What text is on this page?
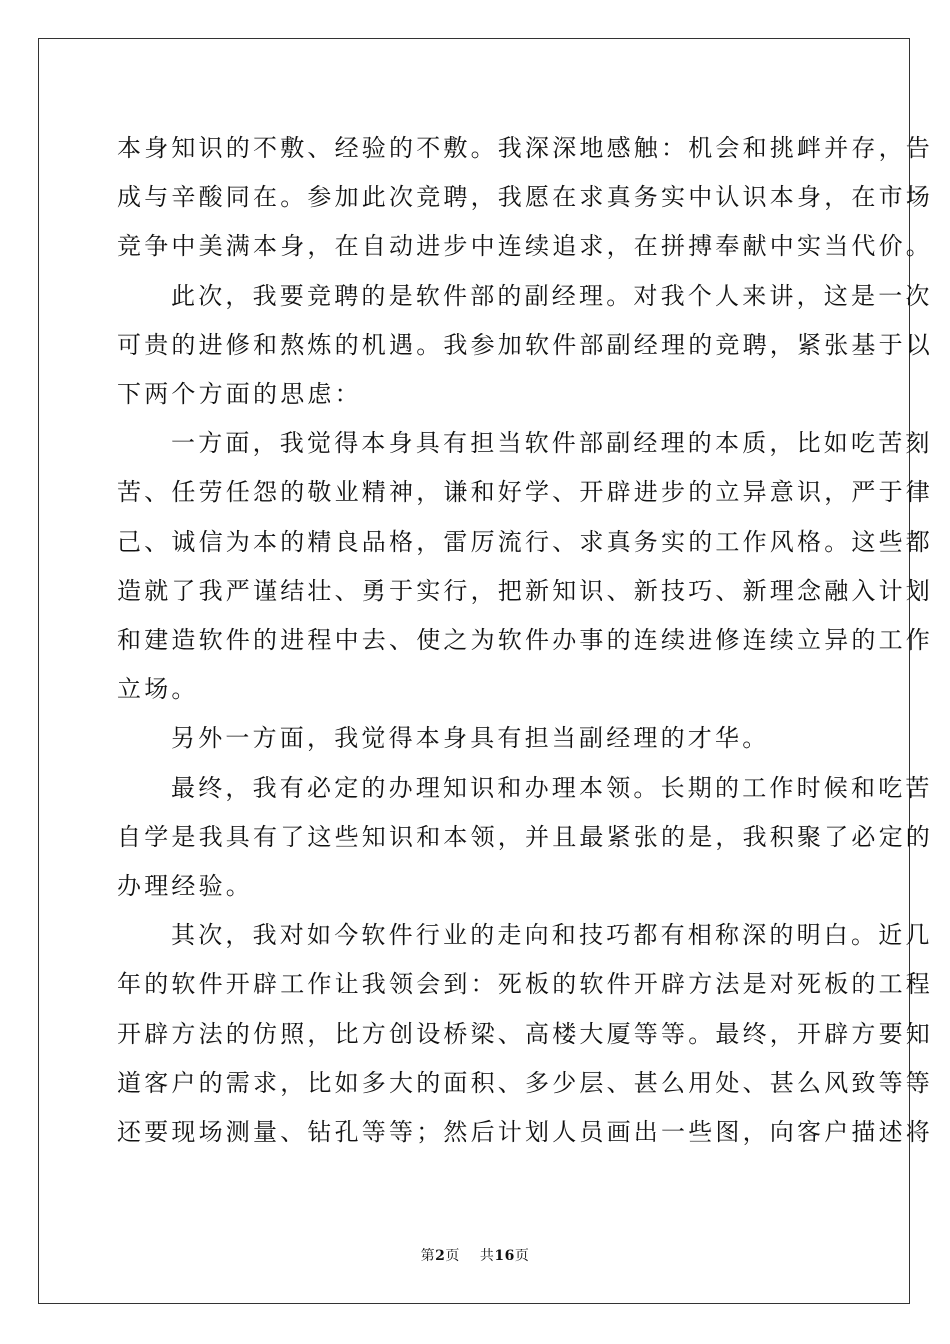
本身知识的不敷、经验的不敷。我深深地感触：机会和挑衅并存，告
成与辛酸同在。参加此次竞聘，我愿在求真务实中认识本身，在市场
竞争中美满本身，在自动进步中连续追求，在拼搏奉献中实当代价。
此次，我要竞聘的是软件部的副经理。对我个人来讲，这是一次
可贵的进修和熬炼的机遇。我参加软件部副经理的竞聘，紧张基于以
下两个方面的思虑：
一方面，我觉得本身具有担当软件部副经理的本质，比如吃苦刻
苦、任劳任怨的敬业精神，谦和好学、开辟进步的立异意识，严于律
己、诚信为本的精良品格，雷厉流行、求真务实的工作风格。这些都
造就了我严谨结壮、勇于实行，把新知识、新技巧、新理念融入计划
和建造软件的进程中去、使之为软件办事的连续进修连续立异的工作
立场。
另外一方面，我觉得本身具有担当副经理的才华。
最终，我有必定的办理知识和办理本领。长期的工作时候和吃苦
自学是我具有了这些知识和本领，并且最紧张的是，我积聚了必定的
办理经验。
其次，我对如今软件行业的走向和技巧都有相称深的明白。近几
年的软件开辟工作让我领会到：死板的软件开辟方法是对死板的工程
开辟方法的仿照，比方创设桥梁、高楼大厦等等。最终，开辟方要知
道客户的需求，比如多大的面积、多少层、甚么用处、甚么风致等等
还要现场测量、钻孔等等；然后计划人员画出一些图，向客户描述将

第2页 共16页
